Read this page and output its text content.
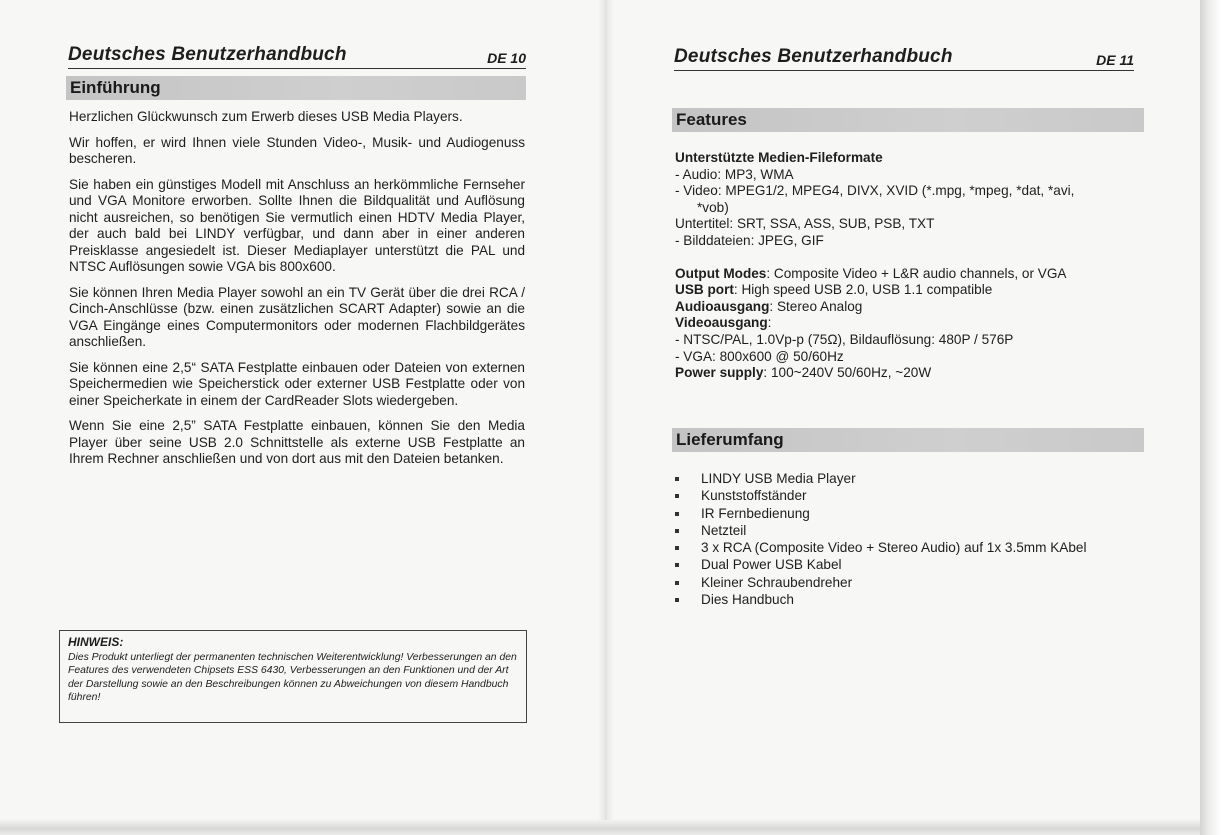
Deutsches Benutzerhandbuch	DE 10
Einführung

Herzlichen Glückwunsch zum Erwerb dieses USB Media Players.

Wir hoffen, er wird Ihnen viele Stunden Video-, Musik- und Audiogenuss bescheren.

Sie haben ein günstiges Modell mit Anschluss an herkömmliche Fernseher und VGA Monitore erworben. Sollte Ihnen die Bildqualität und Auflösung nicht ausreichen, so benötigen Sie vermutlich einen HDTV Media Player, der auch bald bei LINDY verfügbar, und dann aber in einer anderen Preisklasse angesiedelt ist. Dieser Mediaplayer unterstützt die PAL und NTSC Auflösungen sowie VGA bis 800x600.

Sie können Ihren Media Player sowohl an ein TV Gerät über die drei RCA / Cinch-Anschlüsse (bzw. einen zusätzlichen SCART Adapter) sowie an die VGA Eingänge eines Computermonitors oder modernen Flachbildgerätes anschließen.

Sie können eine 2,5“ SATA Festplatte einbauen oder Dateien von externen Speichermedien wie Speicherstick oder externer USB Festplatte oder von einer Speicherkate in einem der CardReader Slots wiedergeben.

Wenn Sie eine 2,5” SATA Festplatte einbauen, können Sie den Media Player über seine USB 2.0 Schnittstelle als externe USB Festplatte an Ihrem Rechner anschließen und von dort aus mit den Dateien betanken.

HINWEIS:
Dies Produkt unterliegt der permanenten technischen Weiterentwicklung! Verbesserungen an den Features des verwendeten Chipsets ESS 6430, Verbesserungen an den Funktionen und der Art der Darstellung sowie an den Beschreibungen können zu Abweichungen von diesem Handbuch führen!
Deutsches Benutzerhandbuch	DE 11
Features
Unterstützte Medien-Fileformate
- Audio: MP3, WMA
- Video: MPEG1/2, MPEG4, DIVX, XVID (*.mpg, *mpeg, *dat, *avi,
*vob)
Untertitel: SRT, SSA, ASS, SUB, PSB, TXT
- Bilddateien: JPEG, GIF
Output Modes: Composite Video + L&R audio channels, or VGA
USB port: High speed USB 2.0, USB 1.1 compatible
Audioausgang: Stereo Analog
Videoausgang:
- NTSC/PAL, 1.0Vp-p (75Ω), Bildauflösung: 480P / 576P
- VGA: 800x600 @ 50/60Hz
Power supply: 100~240V 50/60Hz, ~20W
Lieferumfang
LINDY USB Media Player
Kunststoffständer
IR Fernbedienung
Netzteil
3 x RCA (Composite Video + Stereo Audio) auf 1x 3.5mm KAbel
Dual Power USB Kabel
Kleiner Schraubendreher
Dies Handbuch
